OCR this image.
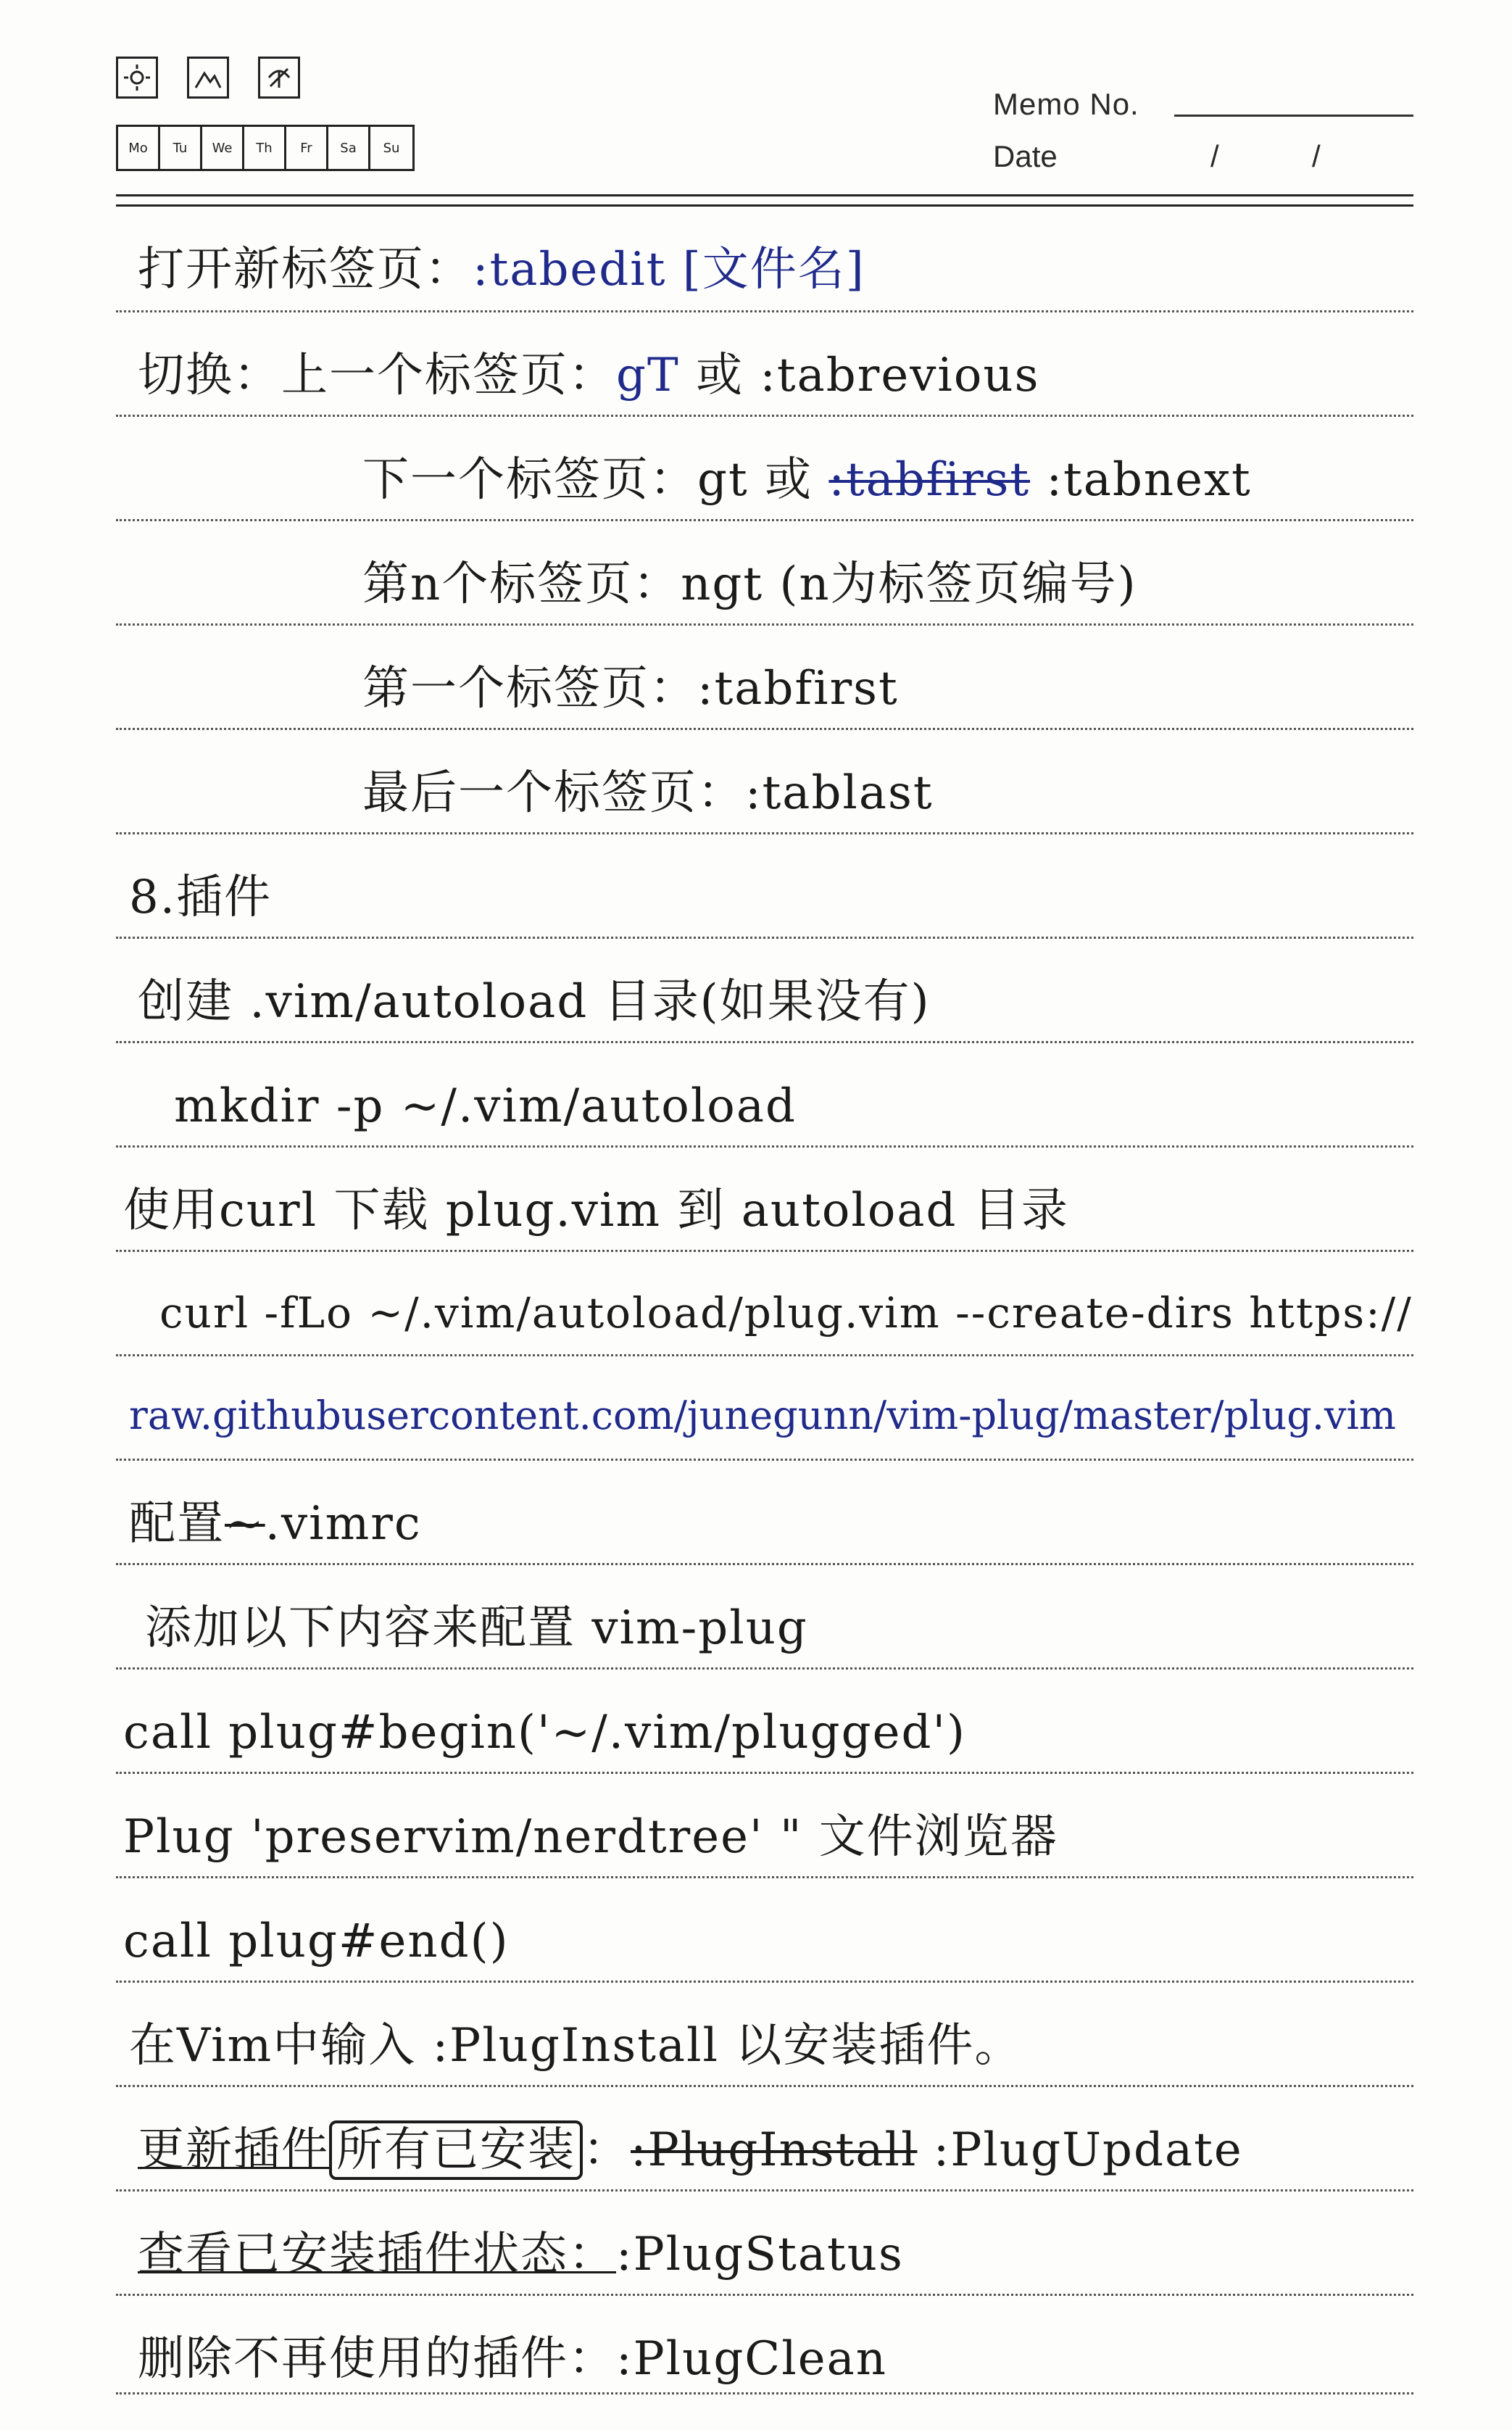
Mo	Tu	We	Th	Fr	Sa	Su
Memo No.
Date	/	/
打开新标签页：:tabedit [文件名]
切换：上一个标签页：gT 或 :tabrevious
下一个标签页：gt 或 :tabfirst :tabnext
第n个标签页：ngt (n为标签页编号)
第一个标签页：:tabfirst
最后一个标签页：:tablast
8.插件
创建 .vim/autoload 目录(如果没有)
mkdir -p ~/.vim/autoload
使用curl 下载 plug.vim 到 autoload 目录
curl -fLo ~/.vim/autoload/plug.vim --create-dirs https://
raw.githubusercontent.com/junegunn/vim-plug/master/plug.vim
配置~.vimrc
添加以下内容来配置 vim-plug
call plug#begin('~/.vim/plugged')
Plug 'preservim/nerdtree' " 文件浏览器
call plug#end()
在Vim中输入 :PlugInstall 以安装插件。
更新插件 所有已安装 ：:PlugInstall :PlugUpdate
查看已安装插件状态：:PlugStatus
删除不再使用的插件：:PlugClean
